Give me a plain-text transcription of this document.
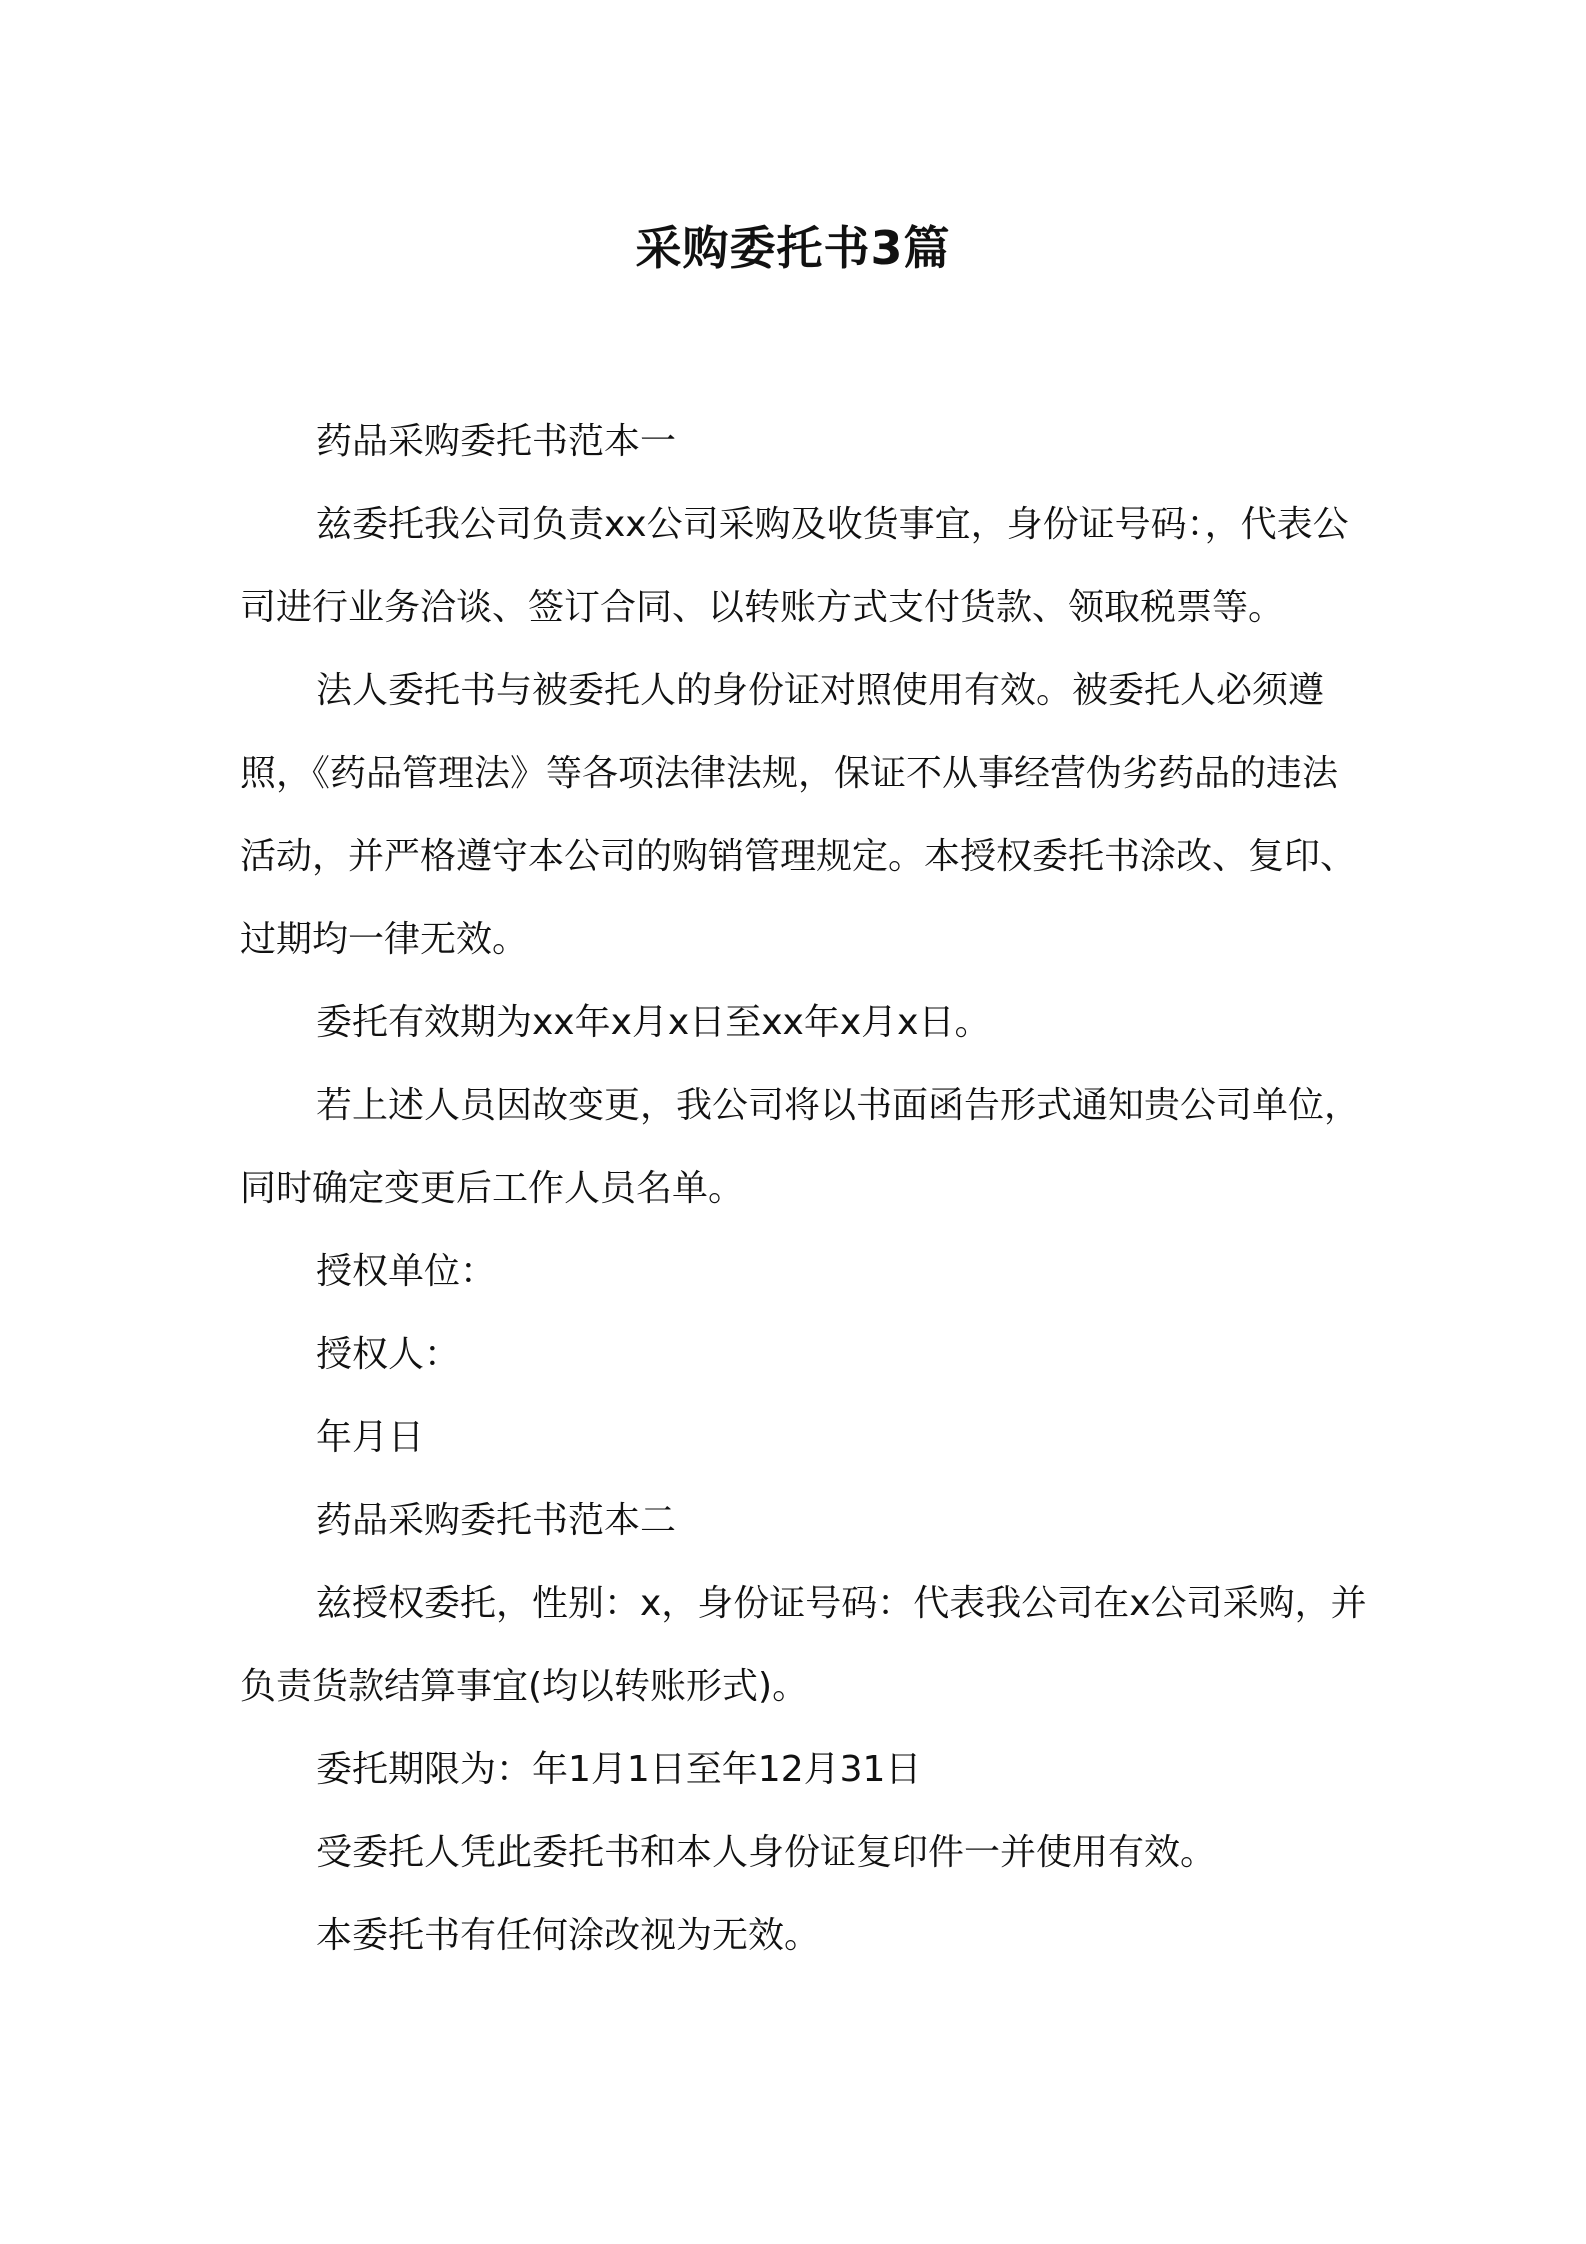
采购委托书3篇

药品采购委托书范本一

兹委托我公司负责xx公司采购及收货事宜，身份证号码：，代表公司进行业务洽谈、签订合同、以转账方式支付货款、领取税票等。

法人委托书与被委托人的身份证对照使用有效。被委托人必须遵照，《药品管理法》等各项法律法规，保证不从事经营伪劣药品的违法活动，并严格遵守本公司的购销管理规定。本授权委托书涂改、复印、过期均一律无效。

委托有效期为xx年x月x日至xx年x月x日。

若上述人员因故变更，我公司将以书面函告形式通知贵公司单位，同时确定变更后工作人员名单。

授权单位：

授权人：

年月日

药品采购委托书范本二

兹授权委托，性别：x，身份证号码：代表我公司在x公司采购，并负责货款结算事宜(均以转账形式)。

委托期限为：年1月1日至年12月31日

受委托人凭此委托书和本人身份证复印件一并使用有效。

本委托书有任何涂改视为无效。
